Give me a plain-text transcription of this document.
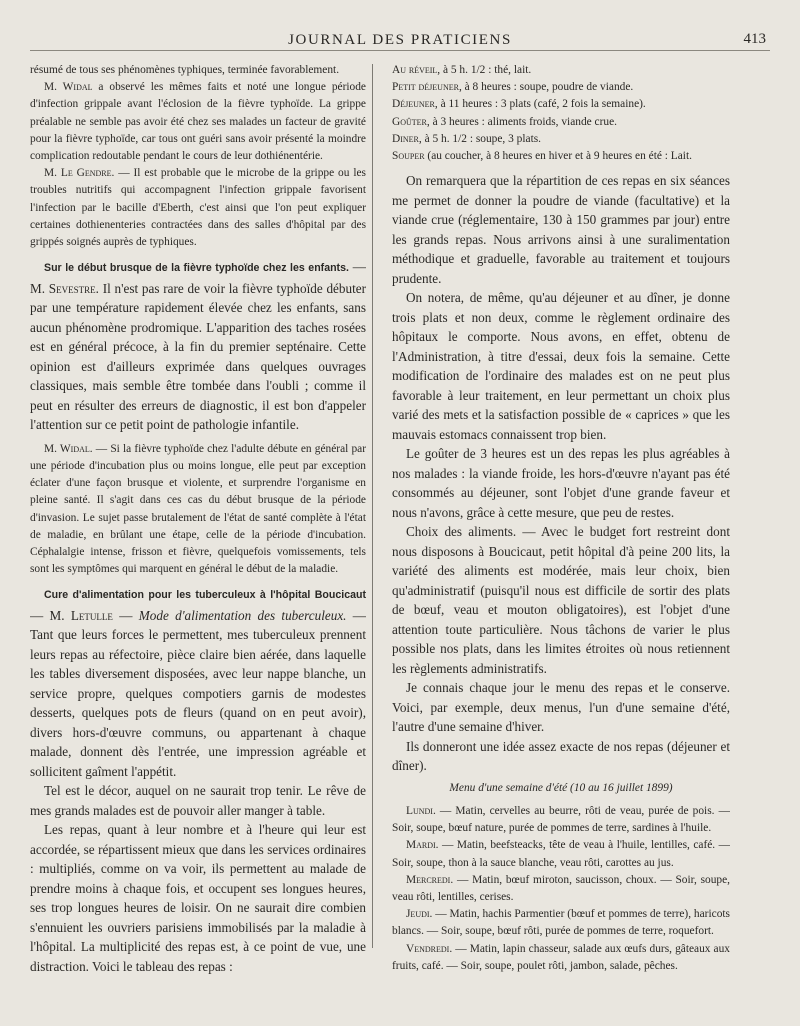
JOURNAL DES PRATICIENS	413

résumé de tous ses phénomènes typhiques, terminée favorablement.

M. Widal a observé les mêmes faits et noté une longue période d'infection grippale avant l'éclosion de la fièvre typhoïde. La grippe préalable ne semble pas avoir été chez ses malades un facteur de gravité pour la fièvre typhoïde, car tous ont guéri sans avoir présenté la moindre complication redoutable pendant le cours de leur dothiénentérie.

M. Le Gendre. — Il est probable que le microbe de la grippe ou les troubles nutritifs qui accompagnent l'infection grippale favorisent l'infection par le bacille d'Eberth, c'est ainsi que l'on peut expliquer certaines dothienenteries contractées dans des salles d'hôpital par des grippés soignés auprès de typhiques.

Sur le début brusque de la fièvre typhoïde chez les enfants. — M. Sevestre. Il n'est pas rare de voir la fièvre typhoïde débuter par une température rapidement élevée chez les enfants, sans aucun phénomène prodromique. L'apparition des taches rosées est en général précoce, à la fin du premier septénaire. Cette opinion est d'ailleurs exprimée dans quelques ouvrages classiques, mais semble être tombée dans l'oubli ; comme il peut en résulter des erreurs de diagnostic, il est bon d'appeler l'attention sur ce petit point de pathologie infantile.

M. Widal. — Si la fièvre typhoïde chez l'adulte débute en général par une période d'incubation plus ou moins longue, elle peut par exception éclater d'une façon brusque et violente, et surprendre l'organisme en pleine santé. Il s'agit dans ces cas du début brusque de la période d'invasion. Le sujet passe brutalement de l'état de santé complète à l'état de maladie, en brûlant une étape, celle de la période d'incubation. Céphalalgie intense, frisson et fièvre, quelquefois vomissements, tels sont les symptômes qui marquent en général le début de la maladie.

Cure d'alimentation pour les tuberculeux à l'hôpital Boucicaut — M. Letulle — Mode d'alimentation des tuberculeux. — Tant que leurs forces le permettent, mes tuberculeux prennent leurs repas au réfectoire, pièce claire bien aérée, dans laquelle les tables diversement disposées, avec leur nappe blanche, un service propre, quelques compotiers garnis de modestes desserts, quelques pots de fleurs (quand on en peut avoir), divers hors-d'œuvre communs, ou appartenant à chaque malade, donnent dès l'entrée, une impression agréable et sollicitent gaîment l'appétit.

Tel est le décor, auquel on ne saurait trop tenir. Le rêve de mes grands malades est de pouvoir aller manger à table.

Les repas, quant à leur nombre et à l'heure qui leur est accordée, se répartissent mieux que dans les services ordinaires : multipliés, comme on va voir, ils permettent au malade de prendre moins à chaque fois, et occupent ses longues heures, ses trop longues heures de loisir. On ne saurait dire combien s'ennuient les ouvriers parisiens immobilisés par la maladie à l'hôpital. La multiplicité des repas est, à ce point de vue, une distraction. Voici le tableau des repas :

Au réveil, à 5 h. 1/2 : thé, lait.

Petit déjeuner, à 8 heures : soupe, poudre de viande.

Déjeuner, à 11 heures : 3 plats (café, 2 fois la semaine).

Goûter, à 3 heures : aliments froids, viande crue.

Diner, à 5 h. 1/2 : soupe, 3 plats.

Souper (au coucher, à 8 heures en hiver et à 9 heures en été : Lait.

On remarquera que la répartition de ces repas en six séances me permet de donner la poudre de viande (facultative) et la viande crue (réglementaire, 130 à 150 grammes par jour) entre les grands repas. Nous arrivons ainsi à une suralimentation méthodique et graduelle, favorable au traitement et toujours prudente.

On notera, de même, qu'au déjeuner et au dîner, je donne trois plats et non deux, comme le règlement ordinaire des hôpitaux le comporte. Nous avons, en effet, obtenu de l'Administration, à titre d'essai, deux fois la semaine. Cette modification de l'ordinaire des malades est on ne peut plus favorable à leur traitement, en leur permettant un choix plus varié des mets et la satisfaction possible de « caprices » que les mauvais estomacs connaissent trop bien.

Le goûter de 3 heures est un des repas les plus agréables à nos malades : la viande froide, les hors-d'œuvre n'ayant pas été consommés au déjeuner, sont l'objet d'une grande faveur et nous n'avons, grâce à cette mesure, que peu de restes.

Choix des aliments. — Avec le budget fort restreint dont nous disposons à Boucicaut, petit hôpital d'à peine 200 lits, la variété des aliments est modérée, mais leur choix, bien qu'administratif (puisqu'il nous est difficile de sortir des plats de bœuf, veau et mouton obligatoires), est l'objet d'une attention toute particulière. Nous tâchons de varier le plus possible nos plats, dans les limites étroites où nous retiennent les règlements administratifs.

Je connais chaque jour le menu des repas et le conserve. Voici, par exemple, deux menus, l'un d'une semaine d'été, l'autre d'une semaine d'hiver.

Ils donneront une idée assez exacte de nos repas (déjeuner et dîner).

Menu d'une semaine d'été (10 au 16 juillet 1899)

Lundi. — Matin, cervelles au beurre, rôti de veau, purée de pois. — Soir, soupe, bœuf nature, purée de pommes de terre, sardines à l'huile.

Mardi. — Matin, beefsteacks, tête de veau à l'huile, lentilles, café. — Soir, soupe, thon à la sauce blanche, veau rôti, carottes au jus.

Mercredi. — Matin, bœuf miroton, saucisson, choux. — Soir, soupe, veau rôti, lentilles, cerises.

Jeudi. — Matin, hachis Parmentier (bœuf et pommes de terre), haricots blancs. — Soir, soupe, bœuf rôti, purée de pommes de terre, roquefort.

Vendredi. — Matin, lapin chasseur, salade aux œufs durs, gâteaux aux fruits, café. — Soir, soupe, poulet rôti, jambon, salade, pêches.
